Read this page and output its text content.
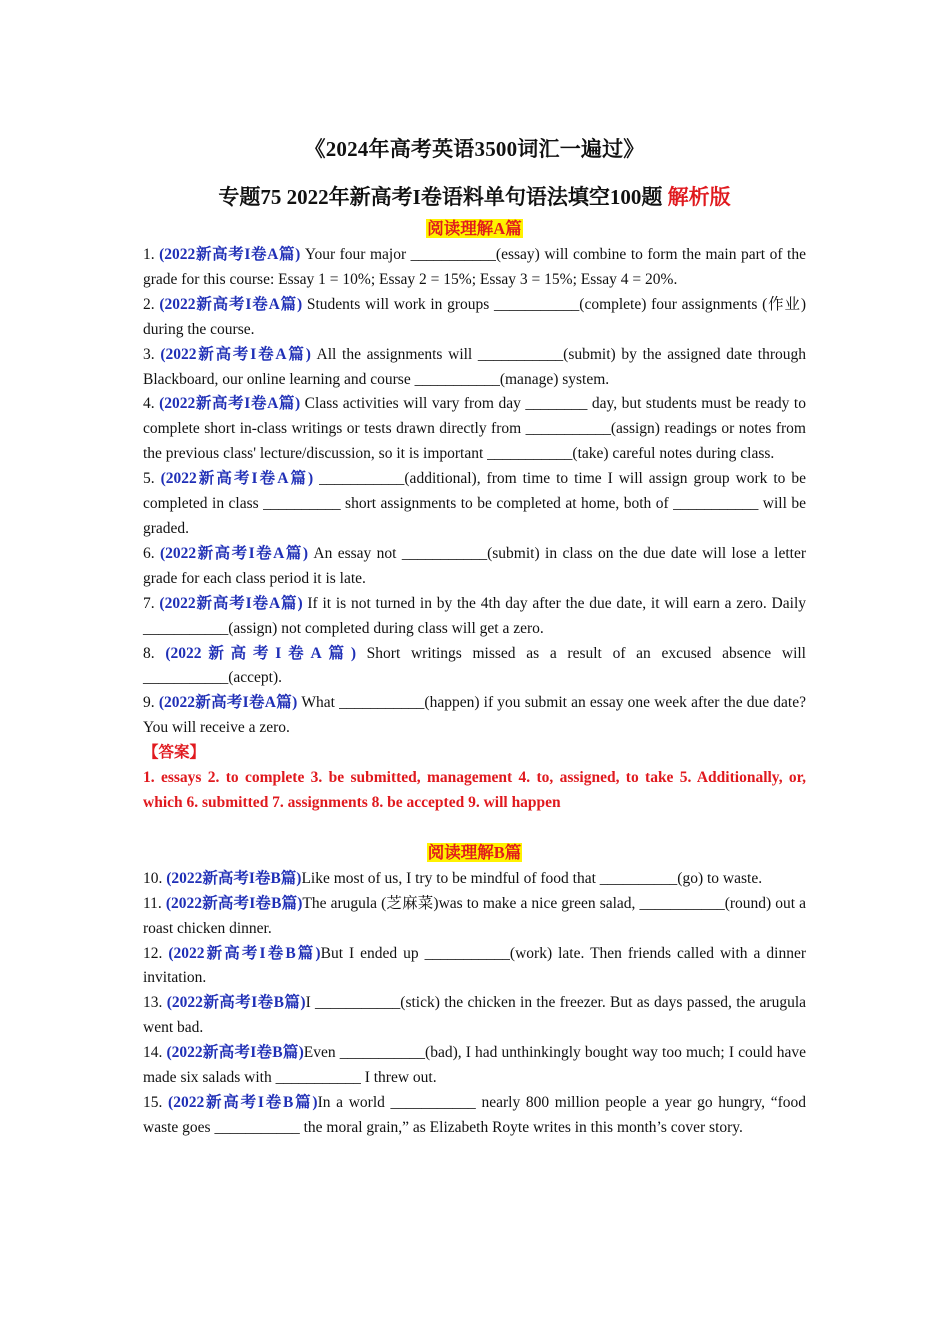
《2024年高考英语3500词汇一遍过》

专题75 2022年新高考I卷语料单句语法填空100题 解析版

阅读理解A篇

1. (2022新高考I卷A篇) Your four major ___________(essay) will combine to form the main part of the grade for this course: Essay 1 = 10%; Essay 2 = 15%; Essay 3 = 15%; Essay 4 = 20%.

2. (2022新高考I卷A篇) Students will work in groups ___________(complete) four assignments (作业) during the course.

3. (2022新高考I卷A篇) All the assignments will ___________(submit) by the assigned date through Blackboard, our online learning and course ___________(manage) system.

4. (2022新高考I卷A篇) Class activities will vary from day ________ day, but students must be ready to complete short in-class writings or tests drawn directly from ___________(assign) readings or notes from the previous class' lecture/discussion, so it is important ___________(take) careful notes during class.

5. (2022新高考I卷A篇) ___________(additional), from time to time I will assign group work to be completed in class __________ short assignments to be completed at home, both of ___________ will be graded.

6. (2022新高考I卷A篇) An essay not ___________(submit) in class on the due date will lose a letter grade for each class period it is late.

7. (2022新高考I卷A篇) If it is not turned in by the 4th day after the due date, it will earn a zero. Daily ___________(assign) not completed during class will get a zero.

8. (2022新高考I卷A篇) Short writings missed as a result of an excused absence will ___________(accept).

9. (2022新高考I卷A篇) What ___________(happen) if you submit an essay one week after the due date? You will receive a zero.

【答案】

1. essays 2. to complete 3. be submitted, management 4. to, assigned, to take 5. Additionally, or, which 6. submitted 7. assignments 8. be accepted 9. will happen

阅读理解B篇

10. (2022新高考I卷B篇)Like most of us, I try to be mindful of food that __________(go) to waste.

11. (2022新高考I卷B篇)The arugula (芝麻菜)was to make a nice green salad, ___________(round) out a roast chicken dinner.

12. (2022新高考I卷B篇)But I ended up ___________(work) late. Then friends called with a dinner invitation.

13. (2022新高考I卷B篇)I ___________(stick) the chicken in the freezer. But as days passed, the arugula went bad.

14. (2022新高考I卷B篇)Even ___________(bad), I had unthinkingly bought way too much; I could have made six salads with ___________ I threw out.

15. (2022新高考I卷B篇)In a world ___________ nearly 800 million people a year go hungry, “food waste goes ___________ the moral grain,” as Elizabeth Royte writes in this month’s cover story.
